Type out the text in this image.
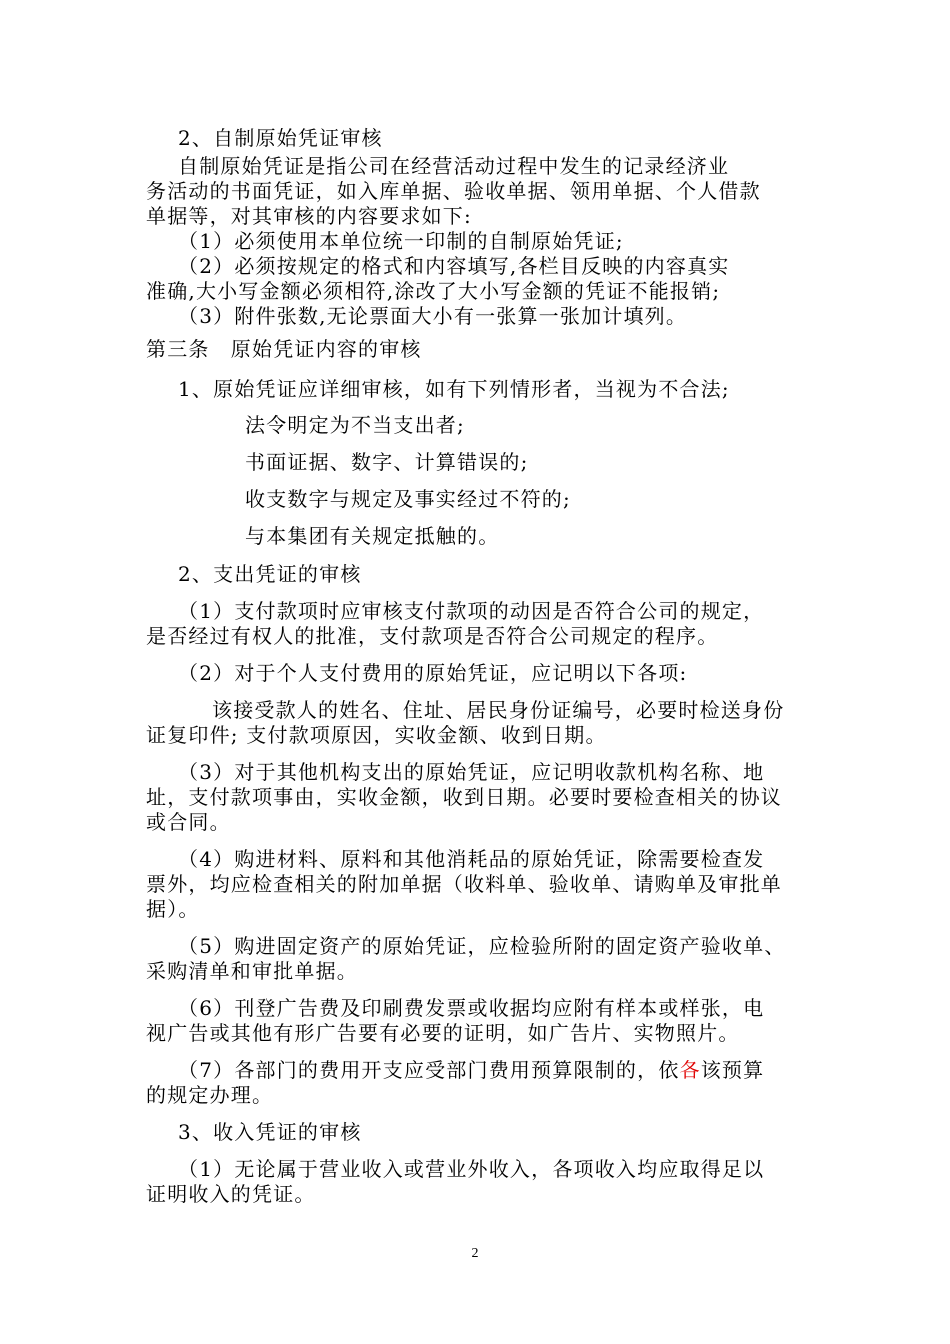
2、自制原始凭证审核
自制原始凭证是指公司在经营活动过程中发生的记录经济业
务活动的书面凭证，如入库单据、验收单据、领用单据、个人借款
单据等，对其审核的内容要求如下:
（1）必须使用本单位统一印制的自制原始凭证;
（2）必须按规定的格式和内容填写,各栏目反映的内容真实
准确,大小写金额必须相符,涂改了大小写金额的凭证不能报销;
（3）附件张数,无论票面大小有一张算一张加计填列。
第三条　原始凭证内容的审核
1、原始凭证应详细审核，如有下列情形者，当视为不合法;
法令明定为不当支出者;
书面证据、数字、计算错误的;
收支数字与规定及事实经过不符的;
与本集团有关规定抵触的。
2、支出凭证的审核
（1）支付款项时应审核支付款项的动因是否符合公司的规定，
是否经过有权人的批准，支付款项是否符合公司规定的程序。
（2）对于个人支付费用的原始凭证，应记明以下各项:
该接受款人的姓名、住址、居民身份证编号，必要时检送身份
证复印件; 支付款项原因，实收金额、收到日期。
（3）对于其他机构支出的原始凭证，应记明收款机构名称、地
址，支付款项事由，实收金额，收到日期。必要时要检查相关的协议
或合同。
（4）购进材料、原料和其他消耗品的原始凭证，除需要检查发
票外，均应检查相关的附加单据（收料单、验收单、请购单及审批单
据）。
（5）购进固定资产的原始凭证，应检验所附的固定资产验收单、
采购清单和审批单据。
（6）刊登广告费及印刷费发票或收据均应附有样本或样张，电
视广告或其他有形广告要有必要的证明，如广告片、实物照片。
（7）各部门的费用开支应受部门费用预算限制的，依各该预算
的规定办理。
3、收入凭证的审核
（1）无论属于营业收入或营业外收入，各项收入均应取得足以
证明收入的凭证。
2
